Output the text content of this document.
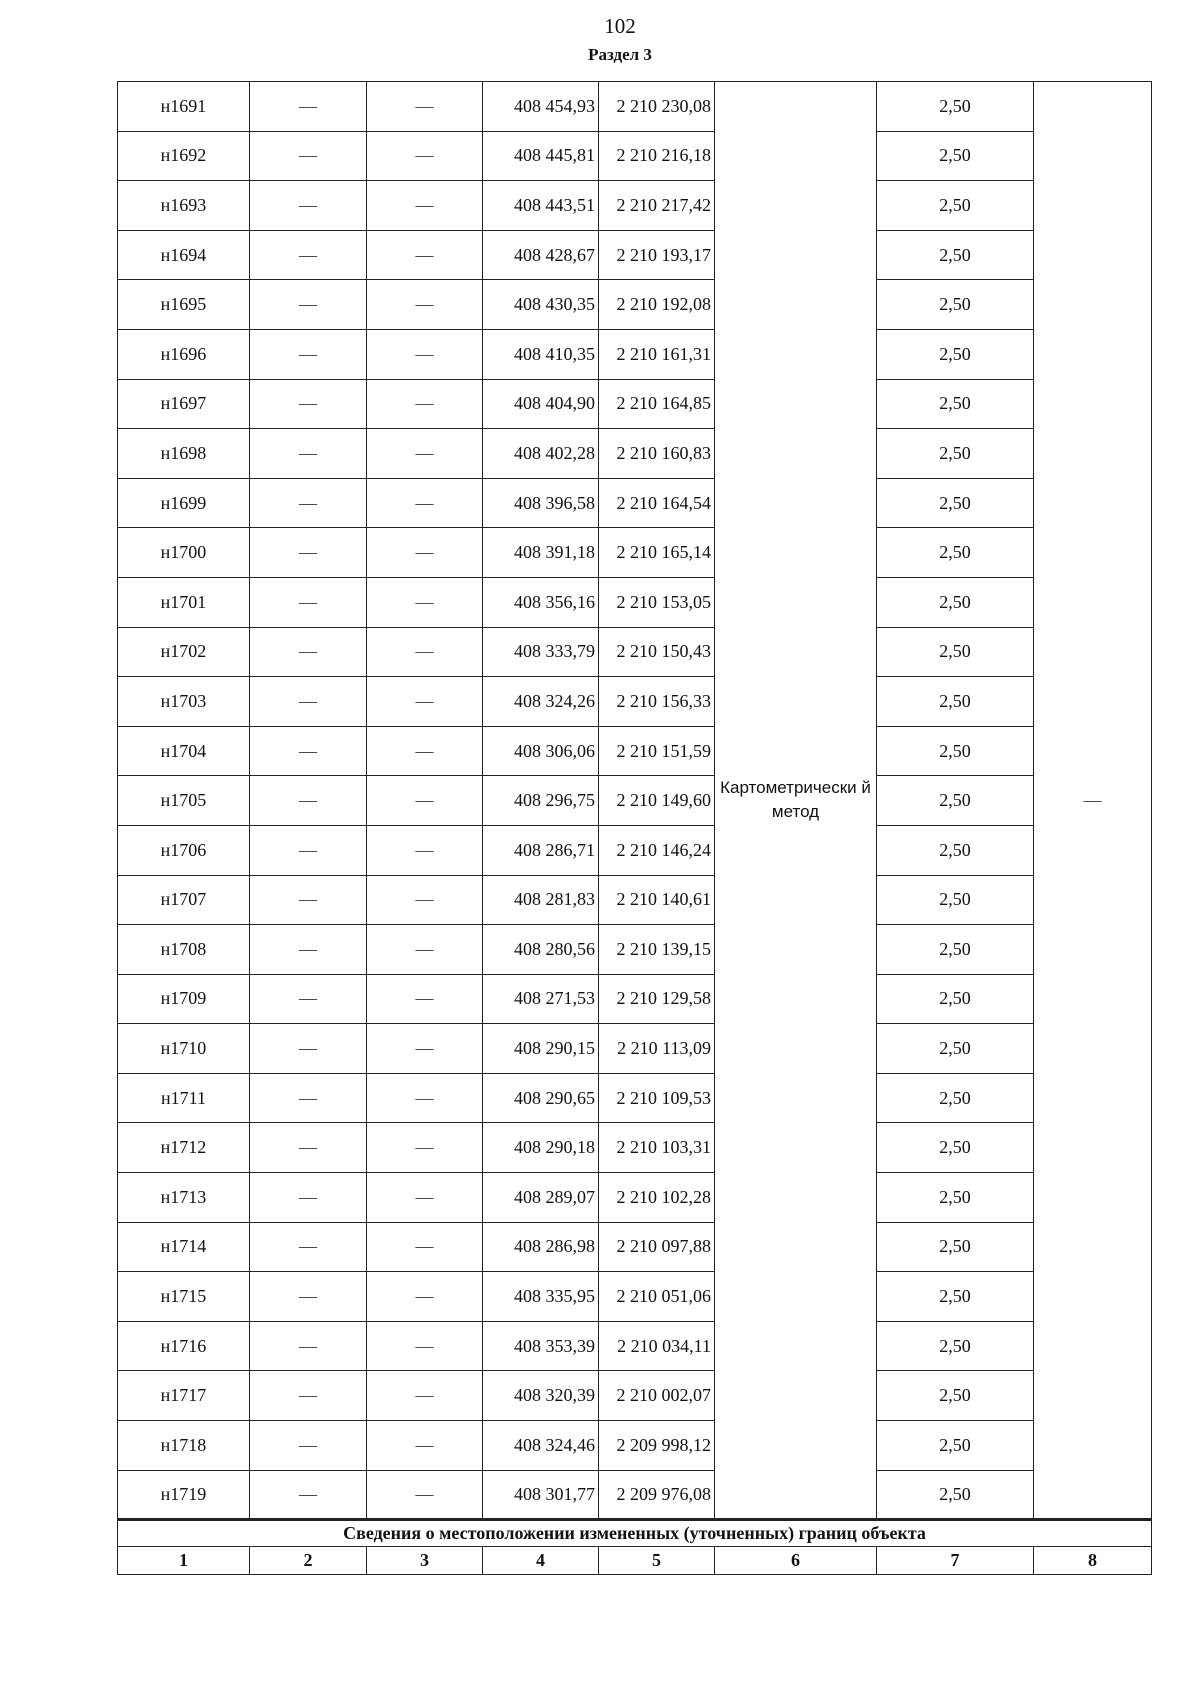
102
Раздел 3
н1691	—	—	408 454,93	2 210 230,08	Картометрически й метод	2,50	—
н1692	—	—	408 445,81	2 210 216,18		2,50	
н1693	—	—	408 443,51	2 210 217,42		2,50	
н1694	—	—	408 428,67	2 210 193,17		2,50	
н1695	—	—	408 430,35	2 210 192,08		2,50	
н1696	—	—	408 410,35	2 210 161,31		2,50	
н1697	—	—	408 404,90	2 210 164,85		2,50	
н1698	—	—	408 402,28	2 210 160,83		2,50	
н1699	—	—	408 396,58	2 210 164,54		2,50	
н1700	—	—	408 391,18	2 210 165,14		2,50	
н1701	—	—	408 356,16	2 210 153,05		2,50	
н1702	—	—	408 333,79	2 210 150,43		2,50	
н1703	—	—	408 324,26	2 210 156,33		2,50	
н1704	—	—	408 306,06	2 210 151,59		2,50	
н1705	—	—	408 296,75	2 210 149,60		2,50	
н1706	—	—	408 286,71	2 210 146,24		2,50	
н1707	—	—	408 281,83	2 210 140,61		2,50	
н1708	—	—	408 280,56	2 210 139,15		2,50	
н1709	—	—	408 271,53	2 210 129,58		2,50	
н1710	—	—	408 290,15	2 210 113,09		2,50	
н1711	—	—	408 290,65	2 210 109,53		2,50	
н1712	—	—	408 290,18	2 210 103,31		2,50	
н1713	—	—	408 289,07	2 210 102,28		2,50	
н1714	—	—	408 286,98	2 210 097,88		2,50	
н1715	—	—	408 335,95	2 210 051,06		2,50	
н1716	—	—	408 353,39	2 210 034,11		2,50	
н1717	—	—	408 320,39	2 210 002,07		2,50	
н1718	—	—	408 324,46	2 209 998,12		2,50	
н1719	—	—	408 301,77	2 209 976,08		2,50	
Сведения о местоположении измененных (уточненных) границ объекта							
1	2	3	4	5	6	7	8
